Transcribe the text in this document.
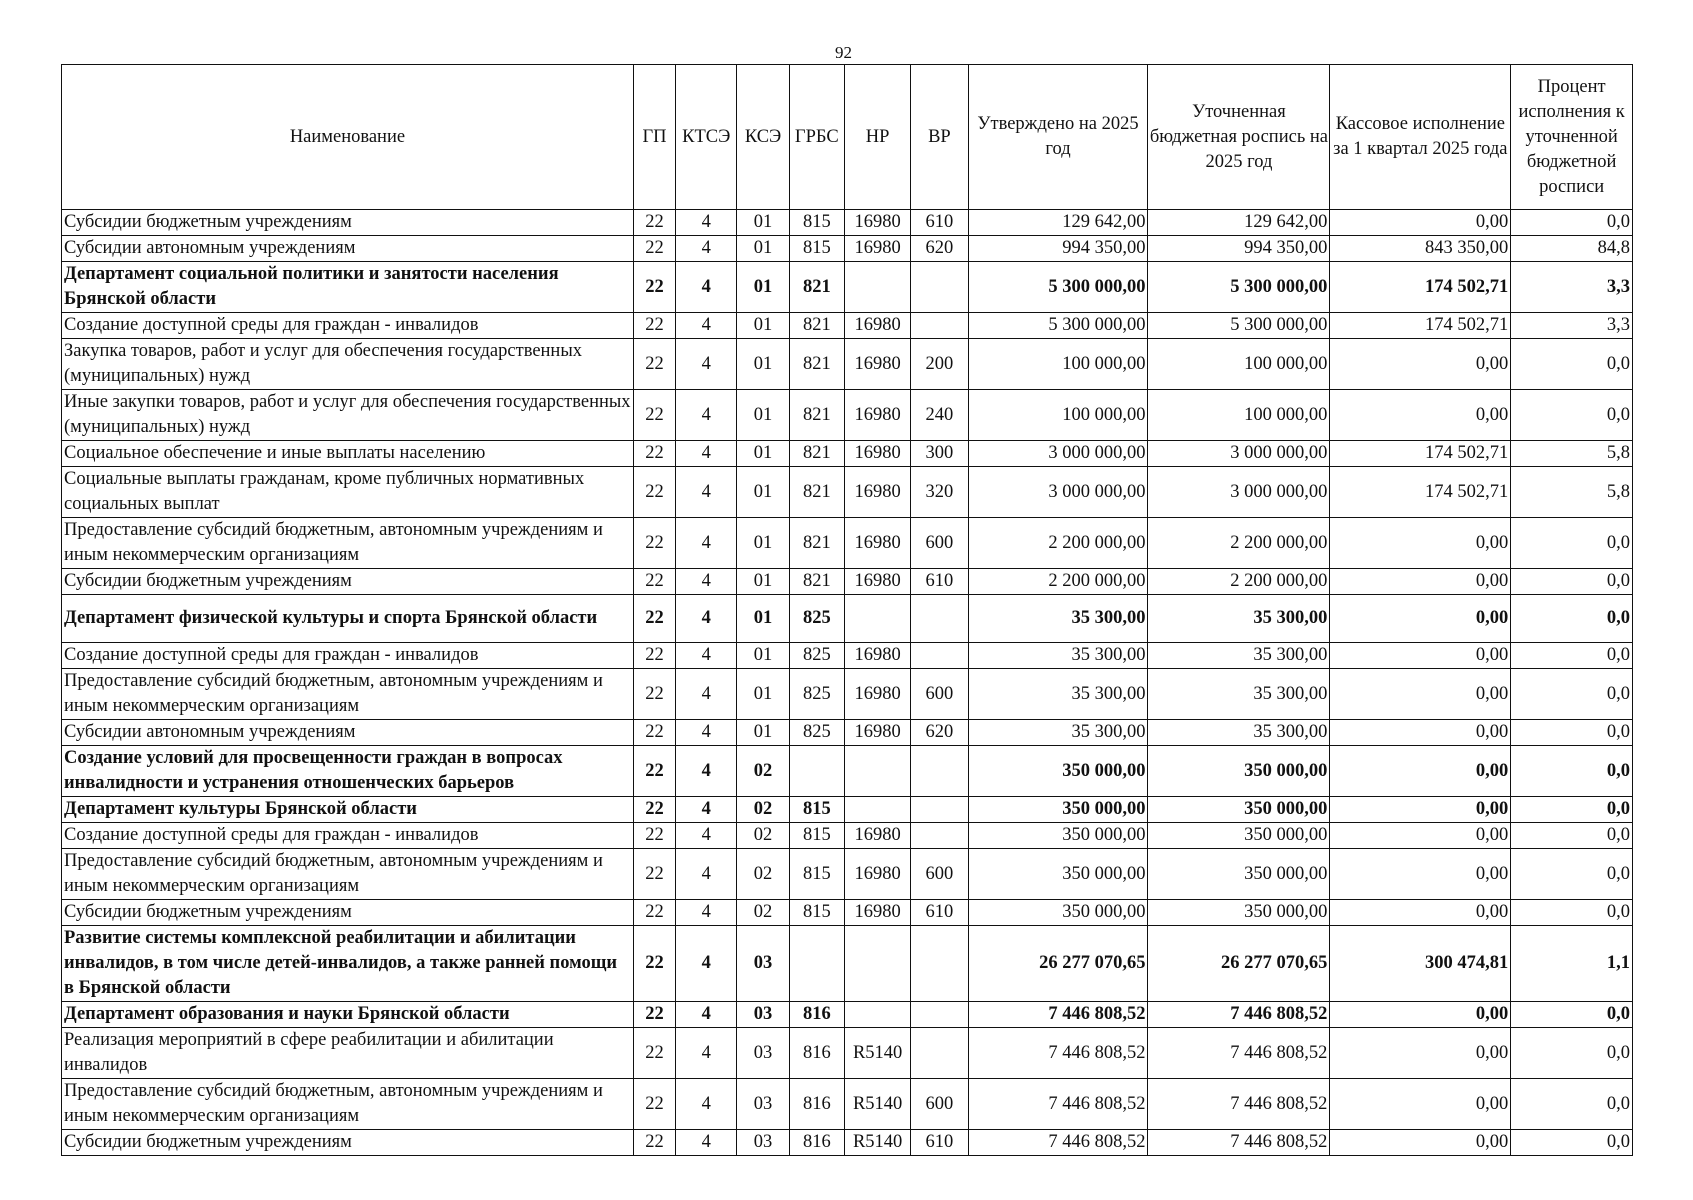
92
Наименование	ГП	КТСЭ	КСЭ	ГРБС	НР	ВР	Утверждено на 2025 год	Уточненная бюджетная роспись на 2025 год	Кассовое исполнение за 1 квартал 2025 года	Процент исполнения к уточненной бюджетной росписи
Субсидии бюджетным учреждениям	22	4	01	815	16980	610	129 642,00	129 642,00	0,00	0,0
Субсидии автономным учреждениям	22	4	01	815	16980	620	994 350,00	994 350,00	843 350,00	84,8
Департамент социальной политики и занятости населения Брянской области	22	4	01	821			5 300 000,00	5 300 000,00	174 502,71	3,3
Создание доступной среды для граждан - инвалидов	22	4	01	821	16980		5 300 000,00	5 300 000,00	174 502,71	3,3
Закупка товаров, работ и услуг для обеспечения государственных (муниципальных) нужд	22	4	01	821	16980	200	100 000,00	100 000,00	0,00	0,0
Иные закупки товаров, работ и услуг для обеспечения государственных (муниципальных) нужд	22	4	01	821	16980	240	100 000,00	100 000,00	0,00	0,0
Социальное обеспечение и иные выплаты населению	22	4	01	821	16980	300	3 000 000,00	3 000 000,00	174 502,71	5,8
Социальные выплаты гражданам, кроме публичных нормативных социальных выплат	22	4	01	821	16980	320	3 000 000,00	3 000 000,00	174 502,71	5,8
Предоставление субсидий бюджетным, автономным учреждениям и иным некоммерческим организациям	22	4	01	821	16980	600	2 200 000,00	2 200 000,00	0,00	0,0
Субсидии бюджетным учреждениям	22	4	01	821	16980	610	2 200 000,00	2 200 000,00	0,00	0,0
Департамент физической культуры и спорта Брянской области	22	4	01	825			35 300,00	35 300,00	0,00	0,0
Создание доступной среды для граждан - инвалидов	22	4	01	825	16980		35 300,00	35 300,00	0,00	0,0
Предоставление субсидий бюджетным, автономным учреждениям и иным некоммерческим организациям	22	4	01	825	16980	600	35 300,00	35 300,00	0,00	0,0
Субсидии автономным учреждениям	22	4	01	825	16980	620	35 300,00	35 300,00	0,00	0,0
Создание условий для просвещенности граждан в вопросах инвалидности и устранения отношенческих барьеров	22	4	02				350 000,00	350 000,00	0,00	0,0
Департамент культуры Брянской области	22	4	02	815			350 000,00	350 000,00	0,00	0,0
Создание доступной среды для граждан - инвалидов	22	4	02	815	16980		350 000,00	350 000,00	0,00	0,0
Предоставление субсидий бюджетным, автономным учреждениям и иным некоммерческим организациям	22	4	02	815	16980	600	350 000,00	350 000,00	0,00	0,0
Субсидии бюджетным учреждениям	22	4	02	815	16980	610	350 000,00	350 000,00	0,00	0,0
Развитие системы комплексной реабилитации и абилитации инвалидов, в том числе детей-инвалидов, а также ранней помощи в Брянской области	22	4	03				26 277 070,65	26 277 070,65	300 474,81	1,1
Департамент образования и науки Брянской области	22	4	03	816			7 446 808,52	7 446 808,52	0,00	0,0
Реализация мероприятий в сфере реабилитации и абилитации инвалидов	22	4	03	816	R5140		7 446 808,52	7 446 808,52	0,00	0,0
Предоставление субсидий бюджетным, автономным учреждениям и иным некоммерческим организациям	22	4	03	816	R5140	600	7 446 808,52	7 446 808,52	0,00	0,0
Субсидии бюджетным учреждениям	22	4	03	816	R5140	610	7 446 808,52	7 446 808,52	0,00	0,0
